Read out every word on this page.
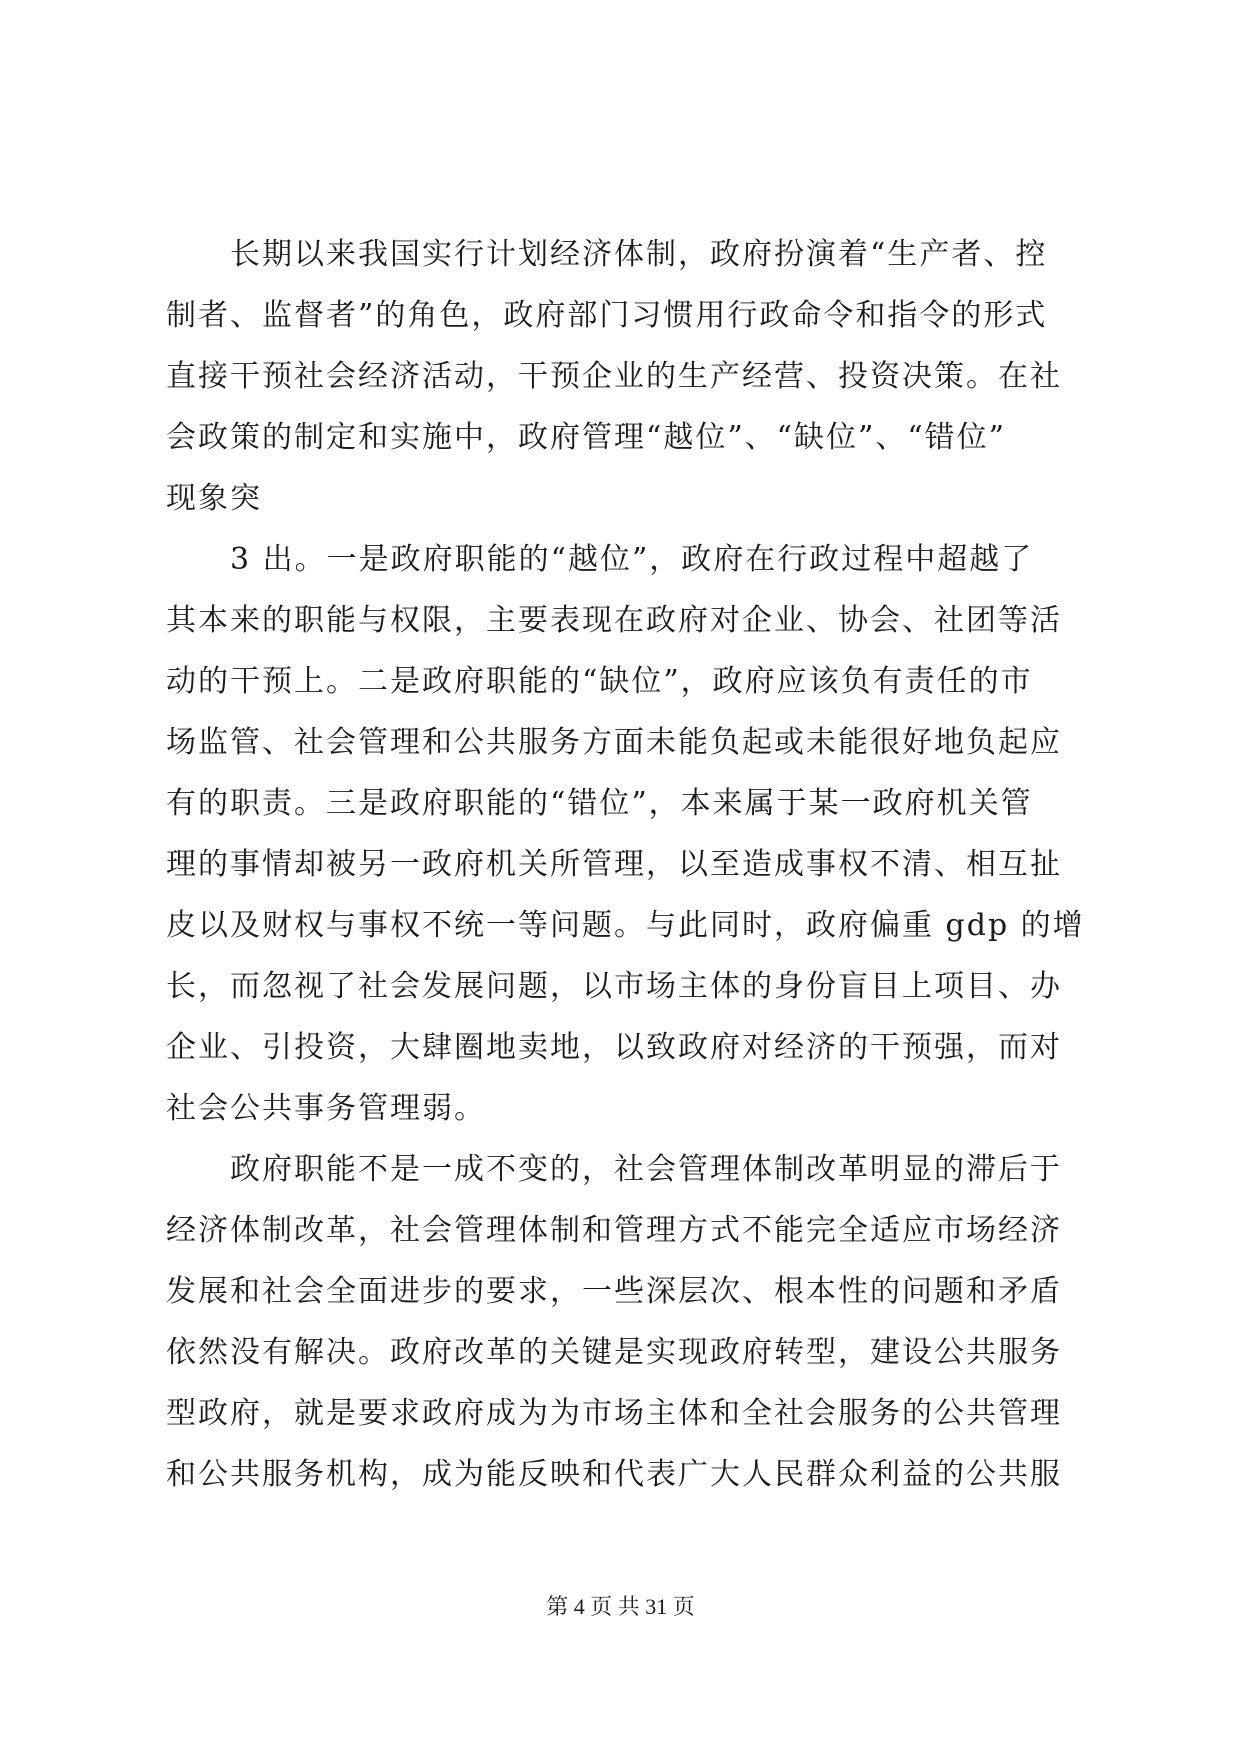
长期以来我国实行计划经济体制，政府扮演着“生产者、控
制者、监督者”的角色，政府部门习惯用行政命令和指令的形式
直接干预社会经济活动，干预企业的生产经营、投资决策。在社
会政策的制定和实施中，政府管理“越位”、“缺位”、“错位”
现象突
3 出。一是政府职能的“越位”，政府在行政过程中超越了
其本来的职能与权限，主要表现在政府对企业、协会、社团等活
动的干预上。二是政府职能的“缺位”，政府应该负有责任的市
场监管、社会管理和公共服务方面未能负起或未能很好地负起应
有的职责。三是政府职能的“错位”，本来属于某一政府机关管
理的事情却被另一政府机关所管理，以至造成事权不清、相互扯
皮以及财权与事权不统一等问题。与此同时，政府偏重 gdp 的增
长，而忽视了社会发展问题，以市场主体的身份盲目上项目、办
企业、引投资，大肆圈地卖地，以致政府对经济的干预强，而对
社会公共事务管理弱。
政府职能不是一成不变的，社会管理体制改革明显的滞后于
经济体制改革，社会管理体制和管理方式不能完全适应市场经济
发展和社会全面进步的要求，一些深层次、根本性的问题和矛盾
依然没有解决。政府改革的关键是实现政府转型，建设公共服务
型政府，就是要求政府成为为市场主体和全社会服务的公共管理
和公共服务机构，成为能反映和代表广大人民群众利益的公共服
第 4 页 共 31 页
